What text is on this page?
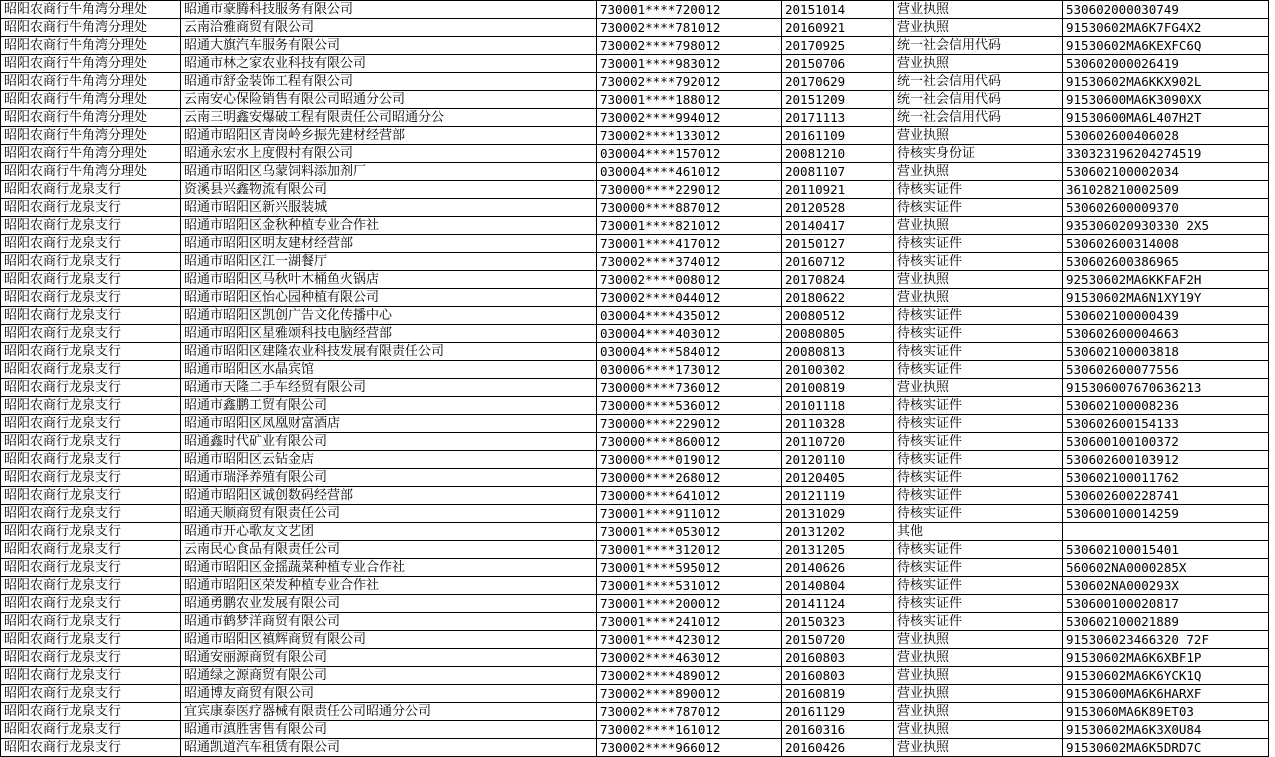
昭阳农商行牛角湾分理处	昭通市豪腾科技服务有限公司	730001****720012	20151014	营业执照	530602000030749
昭阳农商行牛角湾分理处	云南洽雅商贸有限公司	730002****781012	20160921	营业执照	91530602MA6K7FG4X2
昭阳农商行牛角湾分理处	昭通大旗汽车服务有限公司	730002****798012	20170925	统一社会信用代码	91530602MA6KEXFC6Q
昭阳农商行牛角湾分理处	昭通市林之家农业科技有限公司	730001****983012	20150706	营业执照	530602000026419
昭阳农商行牛角湾分理处	昭通市舒金装饰工程有限公司	730002****792012	20170629	统一社会信用代码	91530602MA6KKX902L
昭阳农商行牛角湾分理处	云南安心保险销售有限公司昭通分公司	730001****188012	20151209	统一社会信用代码	91530600MA6K3090XX
昭阳农商行牛角湾分理处	云南三明鑫安爆破工程有限责任公司昭通分公	730002****994012	20171113	统一社会信用代码	91530600MA6L407H2T
昭阳农商行牛角湾分理处	昭通市昭阳区青岗岭乡振先建材经营部	730002****133012	20161109	营业执照	530602600406028
昭阳农商行牛角湾分理处	昭通永宏水上度假村有限公司	030004****157012	20081210	待核实身份证	330323196204274519
昭阳农商行牛角湾分理处	昭通市昭阳区乌蒙饲料添加剂厂	030004****461012	20081107	营业执照	530602100002034
昭阳农商行龙泉支行	资溪县兴鑫物流有限公司	730000****229012	20110921	待核实证件	361028210002509
昭阳农商行龙泉支行	昭通市昭阳区新兴服装城	730000****887012	20120528	待核实证件	530602600009370
昭阳农商行龙泉支行	昭通市昭阳区金秋种植专业合作社	730001****821012	20140417	营业执照	935306020930330 2X5
昭阳农商行龙泉支行	昭通市昭阳区明友建材经营部	730001****417012	20150127	待核实证件	530602600314008
昭阳农商行龙泉支行	昭通市昭阳区江一湖餐厅	730002****374012	20160712	待核实证件	530602600386965
昭阳农商行龙泉支行	昭通市昭阳区马秋叶木桶鱼火锅店	730002****008012	20170824	营业执照	92530602MA6KKFAF2H
昭阳农商行龙泉支行	昭通市昭阳区怡心园种植有限公司	730002****044012	20180622	营业执照	91530602MA6N1XY19Y
昭阳农商行龙泉支行	昭通市昭阳区凯创广告文化传播中心	030004****435012	20080512	待核实证件	530602100000439
昭阳农商行龙泉支行	昭通市昭阳区星雅颂科技电脑经营部	030004****403012	20080805	待核实证件	530602600004663
昭阳农商行龙泉支行	昭通市昭阳区建隆农业科技发展有限责任公司	030004****584012	20080813	待核实证件	530602100003818
昭阳农商行龙泉支行	昭通市昭阳区水晶宾馆	030006****173012	20100302	待核实证件	530602600077556
昭阳农商行龙泉支行	昭通市天隆二手车经贸有限公司	730000****736012	20100819	营业执照	915306007670636213
昭阳农商行龙泉支行	昭通市鑫鹏工贸有限公司	730000****536012	20101118	待核实证件	530602100008236
昭阳农商行龙泉支行	昭通市昭阳区凤凰财富酒店	730000****229012	20110328	待核实证件	530602600154133
昭阳农商行龙泉支行	昭通鑫时代矿业有限公司	730000****860012	20110720	待核实证件	530600100100372
昭阳农商行龙泉支行	昭通市昭阳区云钻金店	730000****019012	20120110	待核实证件	530602600103912
昭阳农商行龙泉支行	昭通市瑞泽养殖有限公司	730000****268012	20120405	待核实证件	530602100011762
昭阳农商行龙泉支行	昭通市昭阳区诚创数码经营部	730000****641012	20121119	待核实证件	530602600228741
昭阳农商行龙泉支行	昭通天顺商贸有限责任公司	730001****911012	20131029	待核实证件	530600100014259
昭阳农商行龙泉支行	昭通市开心歌友文艺团	730001****053012	20131202	其他	
昭阳农商行龙泉支行	云南民心食品有限责任公司	730001****312012	20131205	待核实证件	530602100015401
昭阳农商行龙泉支行	昭通市昭阳区金摇蔬菜种植专业合作社	730001****595012	20140626	待核实证件	560602NA0000285X
昭阳农商行龙泉支行	昭通市昭阳区荣发种植专业合作社	730001****531012	20140804	待核实证件	530602NA000293X
昭阳农商行龙泉支行	昭通勇鹏农业发展有限公司	730001****200012	20141124	待核实证件	530600100020817
昭阳农商行龙泉支行	昭通市鹤梦洋商贸有限公司	730001****241012	20150323	待核实证件	530602100021889
昭阳农商行龙泉支行	昭通市昭阳区禛辉商贸有限公司	730001****423012	20150720	营业执照	915306023466320 72F
昭阳农商行龙泉支行	昭通安丽源商贸有限公司	730002****463012	20160803	营业执照	91530602MA6K6XBF1P
昭阳农商行龙泉支行	昭通绿之源商贸有限公司	730002****489012	20160803	营业执照	91530602MA6K6YCK1Q
昭阳农商行龙泉支行	昭通博友商贸有限公司	730002****890012	20160819	营业执照	91530600MA6K6HARXF
昭阳农商行龙泉支行	宜宾康泰医疗器械有限责任公司昭通分公司	730002****787012	20161129	营业执照	9153060MA6K89ET03
昭阳农商行龙泉支行	昭通市滇胜害售有限公司	730002****161012	20160316	营业执照	91530602MA6K3X0U84
昭阳农商行龙泉支行	昭通凯道汽车租赁有限公司	730002****966012	20160426	营业执照	91530602MA6K5DRD7C
